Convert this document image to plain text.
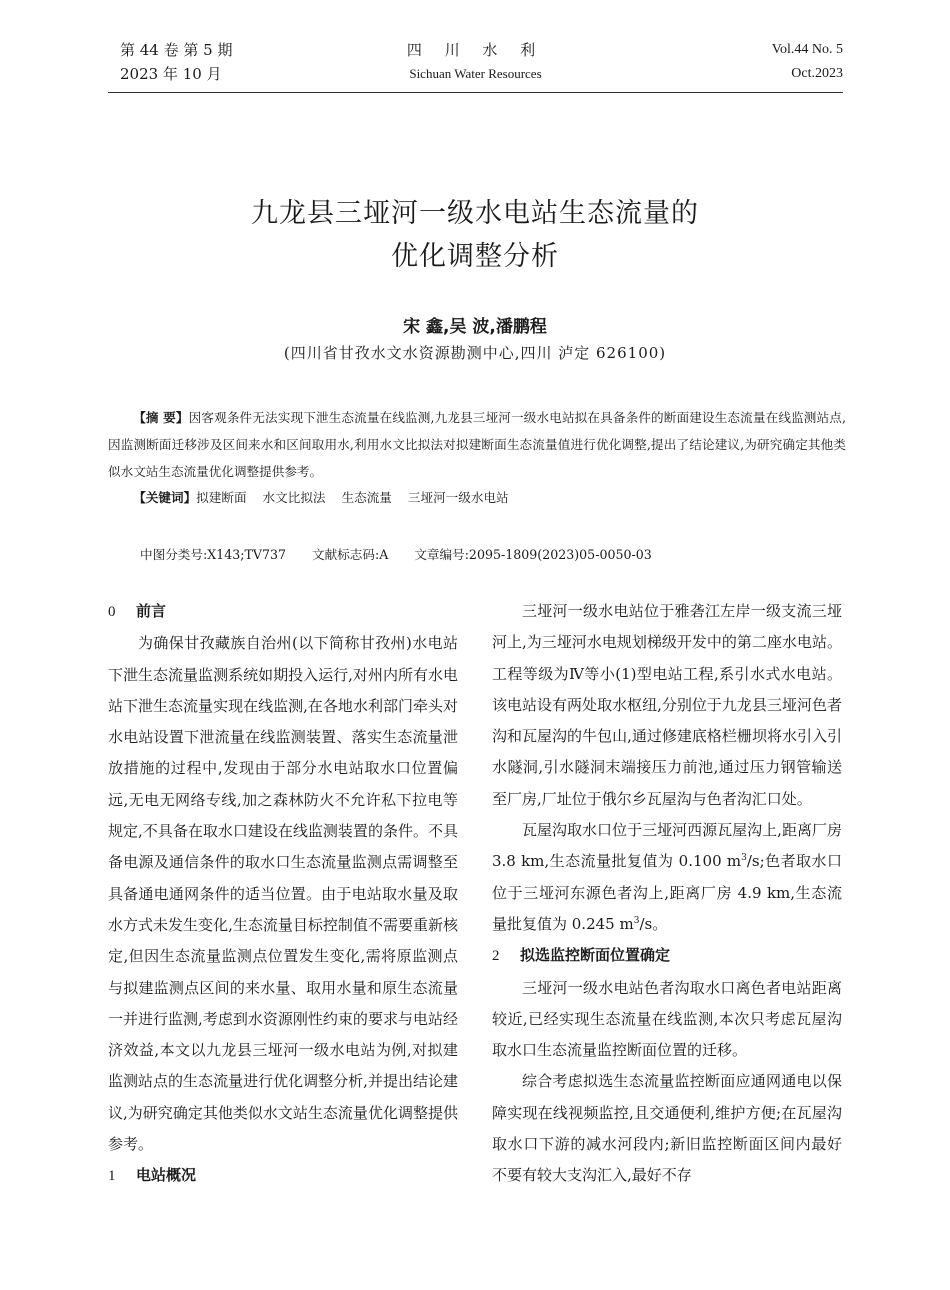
第 44 卷 第 5 期
2023 年 10 月
四 川 水 利
Sichuan Water Resources
Vol.44 No. 5
Oct.2023
九龙县三垭河一级水电站生态流量的
优化调整分析
宋 鑫,吴 波,潘鹏程
(四川省甘孜水文水资源勘测中心,四川 泸定 626100)

【摘 要】因客观条件无法实现下泄生态流量在线监测,九龙县三垭河一级水电站拟在具备条件的断面建设生态流量在线监测站点,因监测断面迁移涉及区间来水和区间取用水,利用水文比拟法对拟建断面生态流量值进行优化调整,提出了结论建议,为研究确定其他类似水文站生态流量优化调整提供参考。

【关键词】拟建断面 水文比拟法 生态流量 三垭河一级水电站

中图分类号:X143;TV737 文献标志码:A 文章编号:2095-1809(2023)05-0050-03

0 前言

为确保甘孜藏族自治州(以下简称甘孜州)水电站下泄生态流量监测系统如期投入运行,对州内所有水电站下泄生态流量实现在线监测,在各地水利部门牵头对水电站设置下泄流量在线监测装置、落实生态流量泄放措施的过程中,发现由于部分水电站取水口位置偏远,无电无网络专线,加之森林防火不允许私下拉电等规定,不具备在取水口建设在线监测装置的条件。不具备电源及通信条件的取水口生态流量监测点需调整至具备通电通网条件的适当位置。由于电站取水量及取水方式未发生变化,生态流量目标控制值不需要重新核定,但因生态流量监测点位置发生变化,需将原监测点与拟建监测点区间的来水量、取用水量和原生态流量一并进行监测,考虑到水资源刚性约束的要求与电站经济效益,本文以九龙县三垭河一级水电站为例,对拟建监测站点的生态流量进行优化调整分析,并提出结论建议,为研究确定其他类似水文站生态流量优化调整提供参考。

1 电站概况

三垭河一级水电站位于雅砻江左岸一级支流三垭河上,为三垭河水电规划梯级开发中的第二座水电站。工程等级为Ⅳ等小(1)型电站工程,系引水式水电站。该电站设有两处取水枢纽,分别位于九龙县三垭河色者沟和瓦屋沟的牛包山,通过修建底格栏栅坝将水引入引水隧洞,引水隧洞末端接压力前池,通过压力钢管输送至厂房,厂址位于俄尔乡瓦屋沟与色者沟汇口处。

瓦屋沟取水口位于三垭河西源瓦屋沟上,距离厂房 3.8 km,生态流量批复值为 0.100 $m^3/s$;色者取水口位于三垭河东源色者沟上,距离厂房 4.9 km,生态流量批复值为 0.245 $m^3/s$。

2 拟选监控断面位置确定

三垭河一级水电站色者沟取水口离色者电站距离较近,已经实现生态流量在线监测,本次只考虑瓦屋沟取水口生态流量监控断面位置的迁移。

综合考虑拟选生态流量监控断面应通网通电以保障实现在线视频监控,且交通便利,维护方便;在瓦屋沟取水口下游的减水河段内;新旧监控断面区间内最好不要有较大支沟汇入,最好不存
